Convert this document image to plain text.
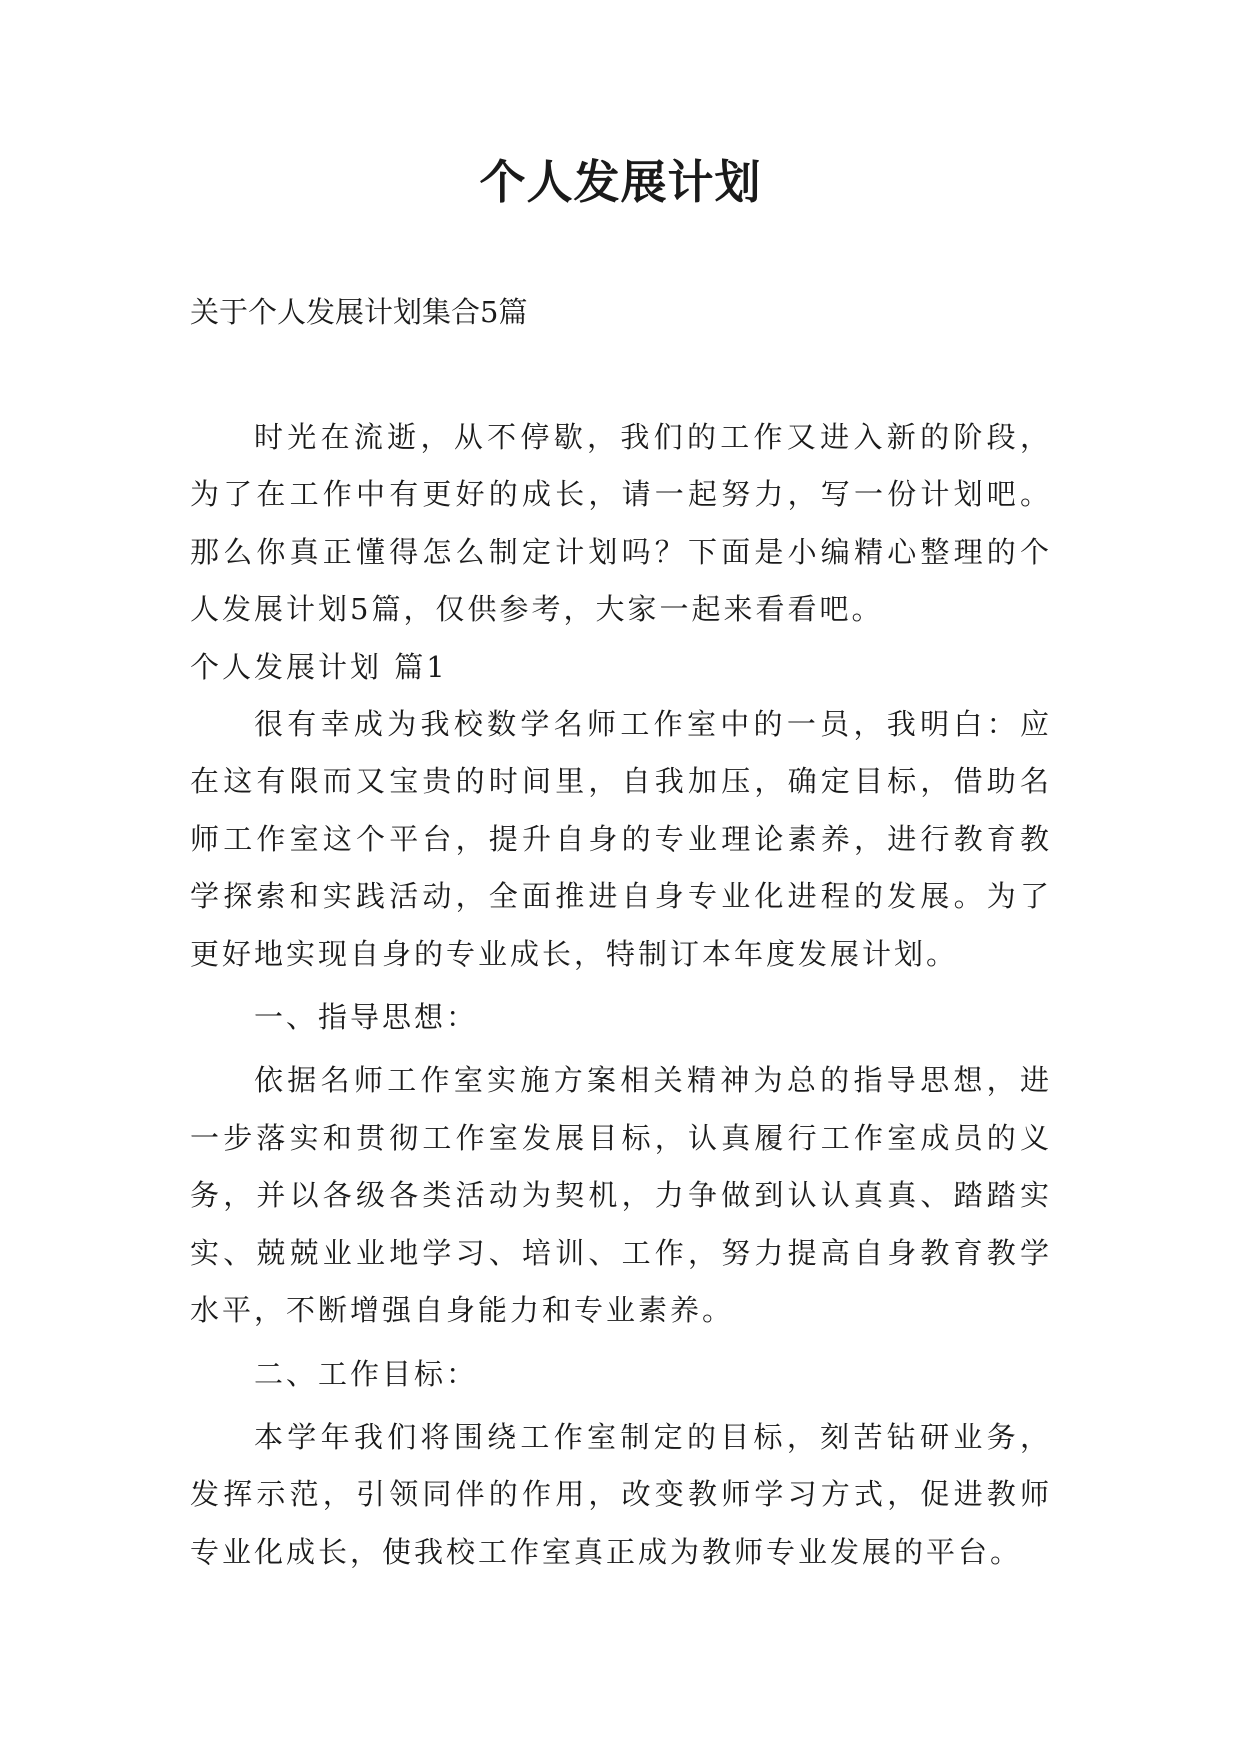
个人发展计划
关于个人发展计划集合5篇

时光在流逝，从不停歇，我们的工作又进入新的阶段，为了在工作中有更好的成长，请一起努力，写一份计划吧。那么你真正懂得怎么制定计划吗？下面是小编精心整理的个人发展计划5篇，仅供参考，大家一起来看看吧。

个人发展计划 篇1

很有幸成为我校数学名师工作室中的一员，我明白：应在这有限而又宝贵的时间里，自我加压，确定目标，借助名师工作室这个平台，提升自身的专业理论素养，进行教育教学探索和实践活动，全面推进自身专业化进程的发展。为了更好地实现自身的专业成长，特制订本年度发展计划。

一、指导思想：

依据名师工作室实施方案相关精神为总的指导思想，进一步落实和贯彻工作室发展目标，认真履行工作室成员的义务，并以各级各类活动为契机，力争做到认认真真、踏踏实实、兢兢业业地学习、培训、工作，努力提高自身教育教学水平，不断增强自身能力和专业素养。

二、工作目标：

本学年我们将围绕工作室制定的目标，刻苦钻研业务，发挥示范，引领同伴的作用，改变教师学习方式，促进教师专业化成长，使我校工作室真正成为教师专业发展的平台。
